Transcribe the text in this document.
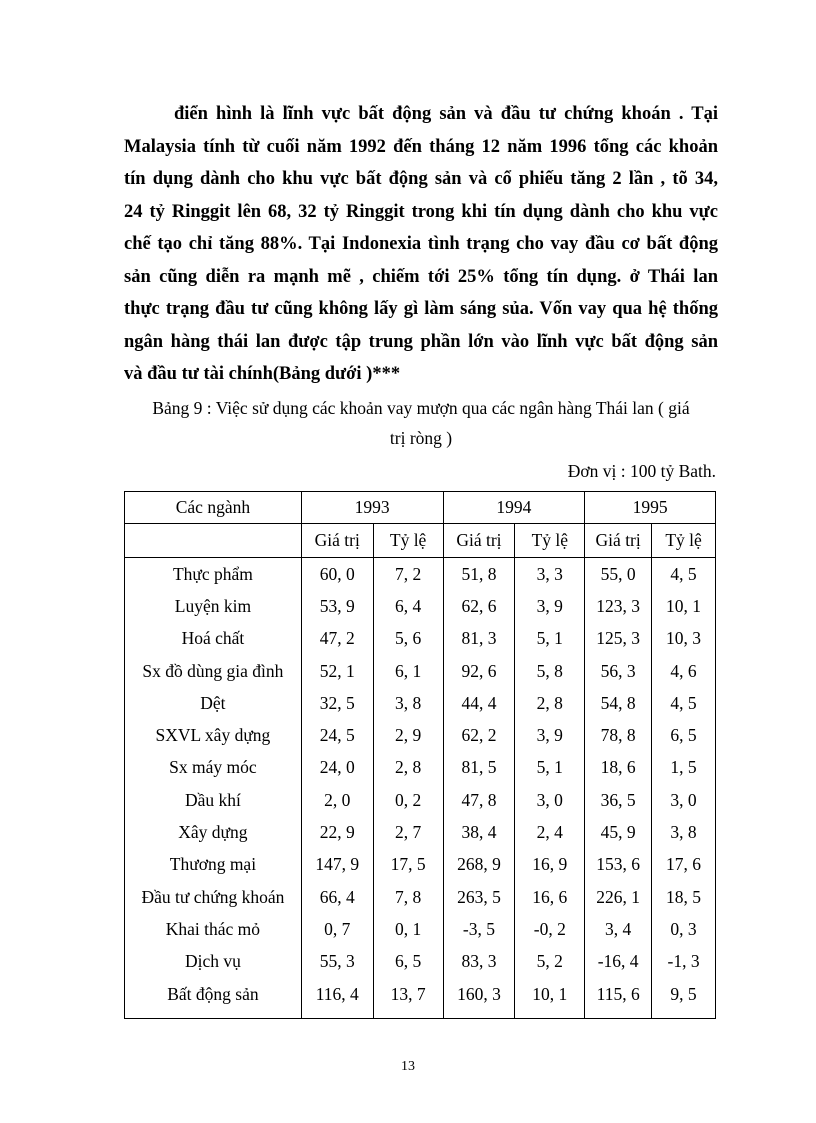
điển hình là lĩnh vực bất động sản và đầu tư chứng khoán . Tại
Malaysia tính từ cuối năm 1992 đến tháng 12 năm 1996 tổng các khoản
tín dụng dành cho khu vực bất động sản và cổ phiếu tăng 2 lần , tõ 34,
24 tỷ Ringgit lên 68, 32 tỷ Ringgit trong khi tín dụng dành cho khu vực
chế tạo chỉ tăng 88%. Tại Indonexia tình trạng cho vay đầu cơ bất động
sản cũng diễn ra mạnh mẽ , chiếm tới 25% tổng tín dụng. ở Thái lan
thực trạng đầu tư cũng không lấy gì làm sáng sủa. Vốn vay qua hệ thống
ngân hàng thái lan được tập trung phần lớn vào lĩnh vực bất động sản
và đầu tư tài chính(Bảng dưới )***
Bảng 9 : Việc sử dụng các khoản vay mượn qua các ngân hàng Thái lan ( giá
trị ròng )
Đơn vị : 100 tỷ Bath.
Các ngành	1993		1994		1995	
	Giá trị	Tỷ lệ	Giá trị	Tỷ lệ	Giá trị	Tỷ lệ
Thực phẩm	60, 0	7, 2	51, 8	3, 3	55, 0	4, 5
Luyện kim	53, 9	6, 4	62, 6	3, 9	123, 3	10, 1
Hoá chất	47, 2	5, 6	81, 3	5, 1	125, 3	10, 3
Sx đồ dùng gia đình	52, 1	6, 1	92, 6	5, 8	56, 3	4, 6
Dệt	32, 5	3, 8	44, 4	2, 8	54, 8	4, 5
SXVL xây dựng	24, 5	2, 9	62, 2	3, 9	78, 8	6, 5
Sx máy móc	24, 0	2, 8	81, 5	5, 1	18, 6	1, 5
Dầu khí	2, 0	0, 2	47, 8	3, 0	36, 5	3, 0
Xây dựng	22, 9	2, 7	38, 4	2, 4	45, 9	3, 8
Thương mại	147, 9	17, 5	268, 9	16, 9	153, 6	17, 6
Đầu tư chứng khoán	66, 4	7, 8	263, 5	16, 6	226, 1	18, 5
Khai thác mỏ	0, 7	0, 1	-3, 5	-0, 2	3, 4	0, 3
Dịch vụ	55, 3	6, 5	83, 3	5, 2	-16, 4	-1, 3
Bất động sản	116, 4	13, 7	160, 3	10, 1	115, 6	9, 5
13
